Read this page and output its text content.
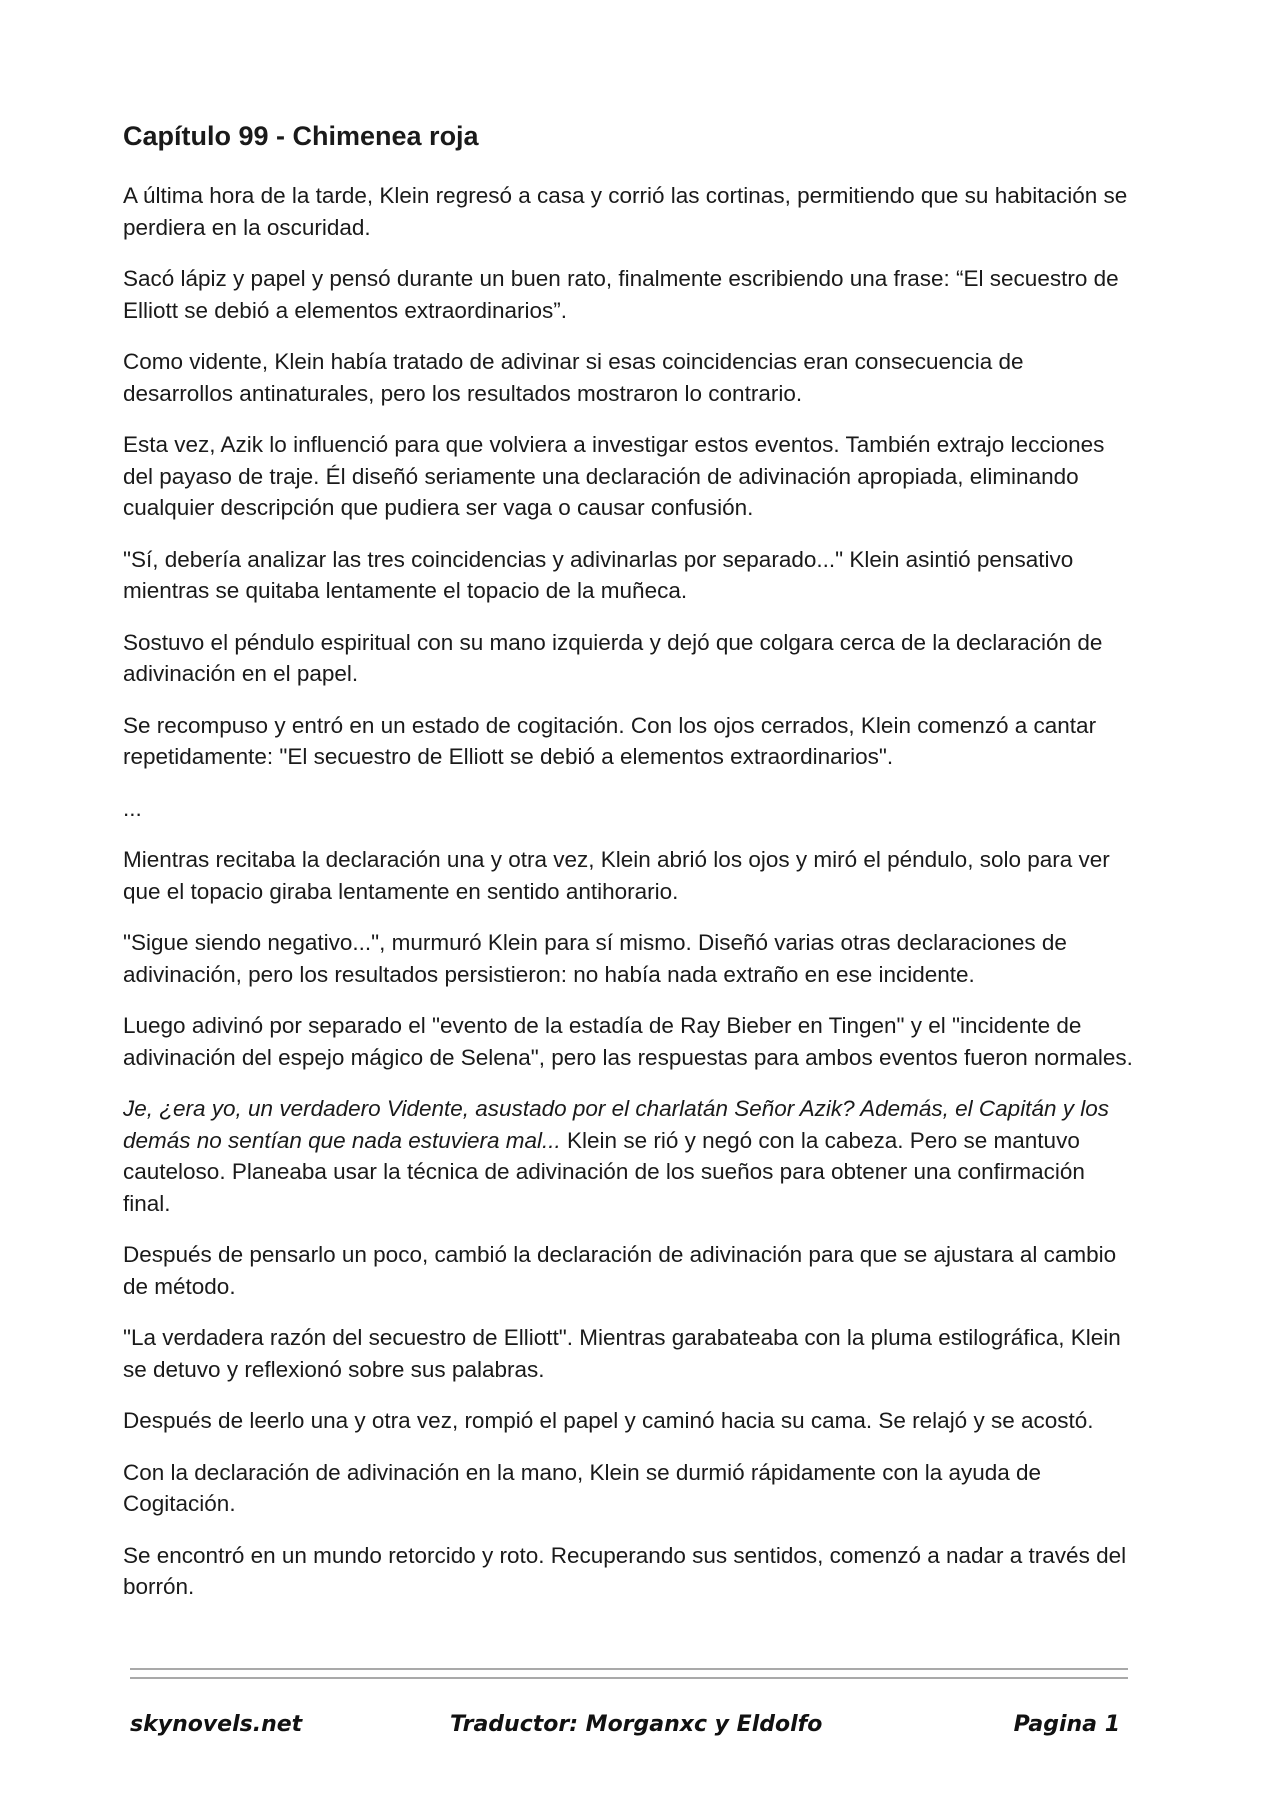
Capítulo 99 - Chimenea roja

A última hora de la tarde, Klein regresó a casa y corrió las cortinas, permitiendo que su habitación se perdiera en la oscuridad.

Sacó lápiz y papel y pensó durante un buen rato, finalmente escribiendo una frase: “El secuestro de Elliott se debió a elementos extraordinarios”.

Como vidente, Klein había tratado de adivinar si esas coincidencias eran consecuencia de desarrollos antinaturales, pero los resultados mostraron lo contrario.

Esta vez, Azik lo influenció para que volviera a investigar estos eventos. También extrajo lecciones del payaso de traje. Él diseñó seriamente una declaración de adivinación apropiada, eliminando cualquier descripción que pudiera ser vaga o causar confusión.

"Sí, debería analizar las tres coincidencias y adivinarlas por separado..." Klein asintió pensativo mientras se quitaba lentamente el topacio de la muñeca.

Sostuvo el péndulo espiritual con su mano izquierda y dejó que colgara cerca de la declaración de adivinación en el papel.

Se recompuso y entró en un estado de cogitación. Con los ojos cerrados, Klein comenzó a cantar repetidamente: "El secuestro de Elliott se debió a elementos extraordinarios".

...

Mientras recitaba la declaración una y otra vez, Klein abrió los ojos y miró el péndulo, solo para ver que el topacio giraba lentamente en sentido antihorario.

"Sigue siendo negativo...", murmuró Klein para sí mismo. Diseñó varias otras declaraciones de adivinación, pero los resultados persistieron: no había nada extraño en ese incidente.

Luego adivinó por separado el "evento de la estadía de Ray Bieber en Tingen" y el "incidente de adivinación del espejo mágico de Selena", pero las respuestas para ambos eventos fueron normales.

Je, ¿era yo, un verdadero Vidente, asustado por el charlatán Señor Azik? Además, el Capitán y los demás no sentían que nada estuviera mal... Klein se rió y negó con la cabeza. Pero se mantuvo cauteloso. Planeaba usar la técnica de adivinación de los sueños para obtener una confirmación final.

Después de pensarlo un poco, cambió la declaración de adivinación para que se ajustara al cambio de método.

"La verdadera razón del secuestro de Elliott". Mientras garabateaba con la pluma estilográfica, Klein se detuvo y reflexionó sobre sus palabras.

Después de leerlo una y otra vez, rompió el papel y caminó hacia su cama. Se relajó y se acostó.

Con la declaración de adivinación en la mano, Klein se durmió rápidamente con la ayuda de Cogitación.

Se encontró en un mundo retorcido y roto. Recuperando sus sentidos, comenzó a nadar a través del borrón.

skynovels.net	Traductor: Morganxc y Eldolfo	Pagina 1
